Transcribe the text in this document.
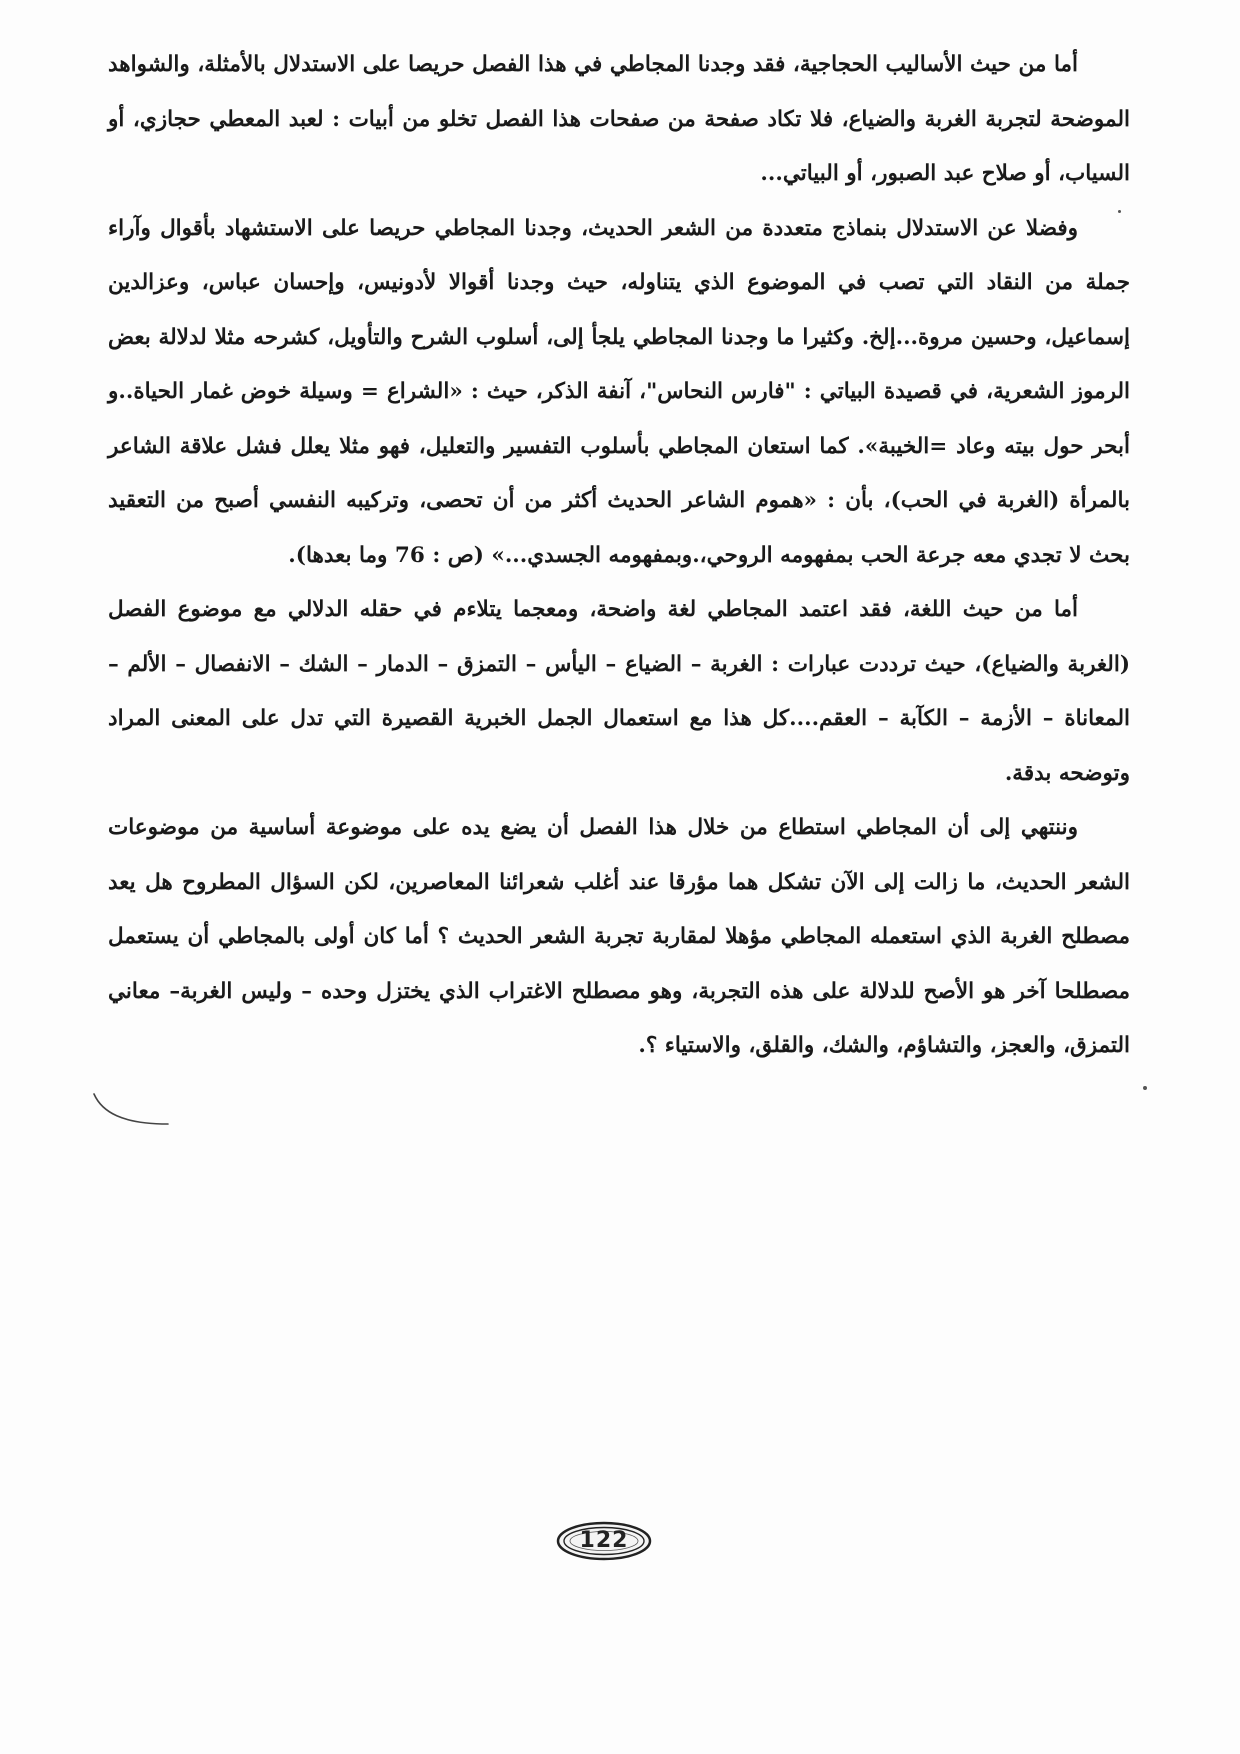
أما من حيث الأساليب الحجاجية، فقد وجدنا المجاطي في هذا الفصل حريصا على الاستدلال بالأمثلة، والشواهد الموضحة لتجربة الغربة والضياع، فلا تكاد صفحة من صفحات هذا الفصل تخلو من أبيات : لعبد المعطي حجازي، أو السياب، أو صلاح عبد الصبور، أو البياتي...

وفضلا عن الاستدلال بنماذج متعددة من الشعر الحديث، وجدنا المجاطي حريصا على الاستشهاد بأقوال وآراء جملة من النقاد التي تصب في الموضوع الذي يتناوله، حيث وجدنا أقوالا لأدونيس، وإحسان عباس، وعزالدين إسماعيل، وحسين مروة...إلخ. وكثيرا ما وجدنا المجاطي يلجأ إلى، أسلوب الشرح والتأويل، كشرحه مثلا لدلالة بعض الرموز الشعرية، في قصيدة البياتي : "فارس النحاس"، آنفة الذكر، حيث : «الشراع = وسيلة خوض غمار الحياة..و أبحر حول بيته وعاد =الخيبة». كما استعان المجاطي بأسلوب التفسير والتعليل، فهو مثلا يعلل فشل علاقة الشاعر بالمرأة (الغربة في الحب)، بأن : «هموم الشاعر الحديث أكثر من أن تحصى، وتركيبه النفسي أصبح من التعقيد بحث لا تجدي معه جرعة الحب بمفهومه الروحي،.وبمفهومه الجسدي...» (ص : 76 وما بعدها).

أما من حيث اللغة، فقد اعتمد المجاطي لغة واضحة، ومعجما يتلاءم في حقله الدلالي مع موضوع الفصل (الغربة والضياع)، حيث ترددت عبارات : الغربة – الضياع – اليأس – التمزق – الدمار – الشك – الانفصال – الألم – المعاناة – الأزمة – الكآبة – العقم....كل هذا مع استعمال الجمل الخبرية القصيرة التي تدل على المعنى المراد وتوضحه بدقة.

وننتهي إلى أن المجاطي استطاع من خلال هذا الفصل أن يضع يده على موضوعة أساسية من موضوعات الشعر الحديث، ما زالت إلى الآن تشكل هما مؤرقا عند أغلب شعرائنا المعاصرين، لكن السؤال المطروح هل يعد مصطلح الغربة الذي استعمله المجاطي مؤهلا لمقاربة تجربة الشعر الحديث ؟ أما كان أولى بالمجاطي أن يستعمل مصطلحا آخر هو الأصح للدلالة على هذه التجربة، وهو مصطلح الاغتراب الذي يختزل وحده – وليس الغربة– معاني التمزق، والعجز، والتشاؤم، والشك، والقلق، والاستياء ؟.

122
